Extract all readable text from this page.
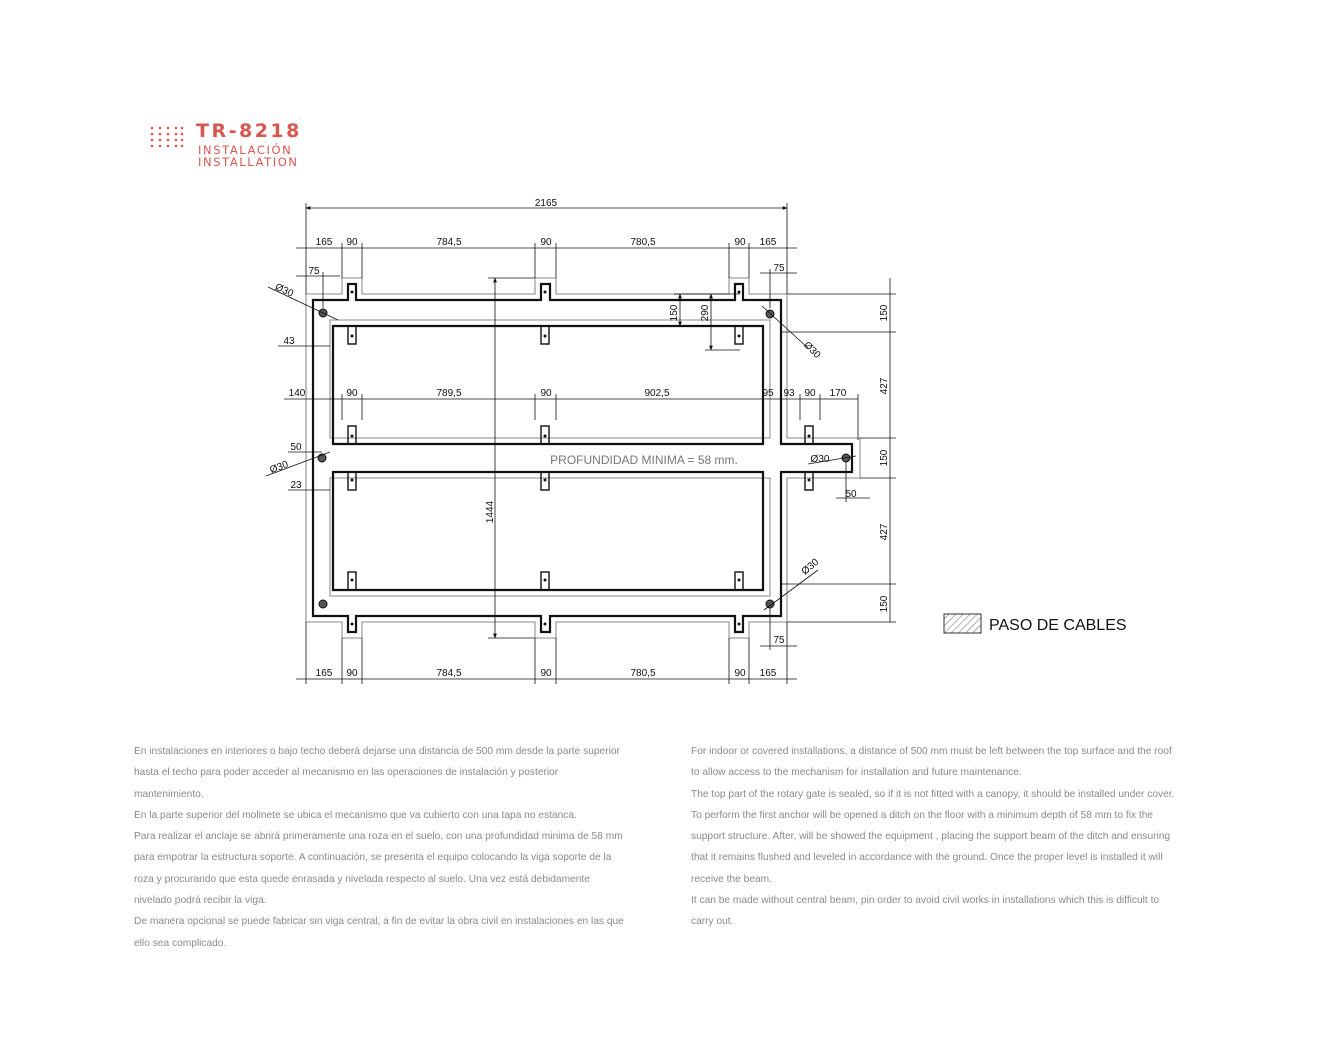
TR-8218
INSTALACIÓN
INSTALLATION
2165
165 90	784,5	90	780,5	90 165
75	75
Ø30
Ø30
Ø30	Ø30
Ø30
43
140	90	789,5	90	902,5	95 93 90 170
50
23
150 290
1444
150
427
150
427
150
50
75
165 90	784,5	90	780,5	90 165
PROFUNDIDAD MINIMA = 58 mm.
PASO DE CABLES

En instalaciones en interiores o bajo techo deberá dejarse una distancia de 500 mm desde la parte superior hasta el techo para poder acceder al mecanismo en las operaciones de instalación y posterior mantenimiento.

En la parte superior del molinete se ubica el mecanismo que va cubierto con una tapa no estanca.

Para realizar el anclaje se abrirá primeramente una roza en el suelo, con una profundidad minima de 58 mm para empotrar la estructura soporte. A continuación, se presenta el equipo colocando la viga soporte de la roza y procurando que esta quede enrasada y nivelada respecto al suelo. Una vez está debidamente nivelado podrá recibir la viga.

De manera opcional se puede fabricar sin viga central, a fin de evitar la obra civil en instalaciones en las que ello sea complicado.

For indoor or covered installations, a distance of 500 mm must be left between the top surface and the roof to allow access to the mechanism for installation and future maintenance.

The top part of the rotary gate is sealed, so if it is not fitted with a canopy, it should be installed under cover.

To perform the first anchor will be opened a ditch on the floor with a minimum depth of 58 mm to fix the support structure. After, will be showed the equipment , placing the support beam of the ditch and ensuring that it remains flushed and leveled in accordance with the ground. Once the proper level is installed it will receive the beam.

It can be made without central beam, pin order to avoid civil works in installations which this is difficult to carry out.
